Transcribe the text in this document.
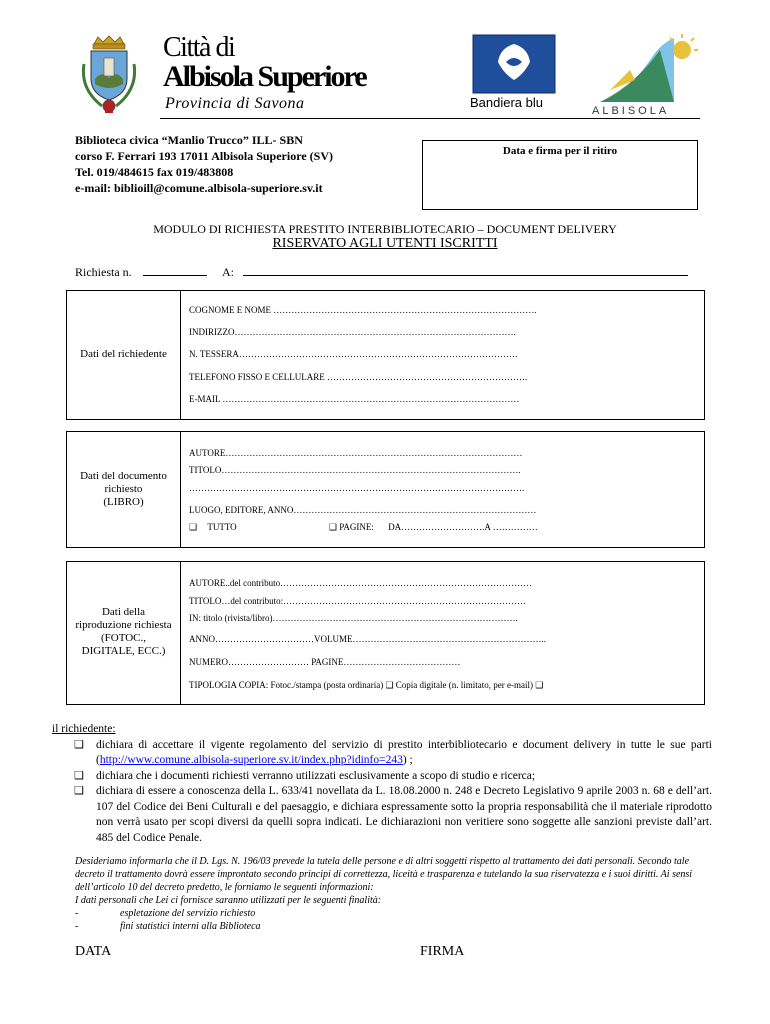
Città di
Albisola Superiore
Provincia di Savona	Bandiera blu
ALBISOLA
Biblioteca civica “Manlio Trucco” ILL- SBN
corso F. Ferrari 193 17011 Albisola Superiore (SV)
Tel. 019/484615 fax 019/483808
e-mail: biblioill@comune.albisola-superiore.sv.it
Data e firma per il ritiro
MODULO DI RICHIESTA PRESTITO INTERBIBLIOTECARIO – DOCUMENT DELIVERY
RISERVATO AGLI UTENTI ISCRITTI
Richiesta n.	A:
Dati del richiedente
COGNOME E NOME …………………………………………………………………………….
INDIRIZZO………………………………………………………………………………….
N. TESSERA…………………………………………………………………………………
TELEFONO FISSO E CELLULARE ………………………………………………………….
E-MAIL ………………………………………………………………………………………
Dati del documento
richiesto
(LIBRO)
AUTORE………………………………………………………………………………………
TITOLO……………………………………………………………………………………….
………………………………………………………………………………………………….
LUOGO, EDITORE, ANNO………………………………………………………………………
❑ TUTTO	❑ PAGINE: DA……………………….A ……………
Dati della
riproduzione richiesta
(FOTOC.,
DIGITALE, ECC.)
AUTORE..del contributo…………………………………………………………………………
TITOLO…del contributo:………………………………………………………………………
IN: titolo (rivista/libro)……………………………………………………………………….
ANNO……………………………VOLUME………………………………………………………..
NUMERO……………………… PAGINE…………………………………
TIPOLOGIA COPIA: Fotoc./stampa (posta ordinaria) ❑ Copia digitale (n. limitato, per e-mail) ❑
il richiedente:
❑ dichiara di accettare il vigente regolamento del servizio di prestito interbibliotecario e document delivery in tutte le sue parti (http://www.comune.albisola-superiore.sv.it/index.php?idinfo=243) ;
❑ dichiara che i documenti richiesti verranno utilizzati esclusivamente a scopo di studio e ricerca;
❑ dichiara di essere a conoscenza della L. 633/41 novellata da L. 18.08.2000 n. 248 e Decreto Legislativo 9 aprile 2003 n. 68 e dell’art. 107 del Codice dei Beni Culturali e del paesaggio, e dichiara espressamente sotto la propria responsabilità che il materiale riprodotto non verrà usato per scopi diversi da quelli sopra indicati. Le dichiarazioni non veritiere sono soggette alle sanzioni previste dall’art. 485 del Codice Penale.
Desideriamo informarla che il D. Lgs. N. 196/03 prevede la tutela delle persone e di altri soggetti rispetto al trattamento dei dati personali. Secondo tale decreto il trattamento dovrà essere improntato secondo principi di correttezza, liceità e trasparenza e tutelando la sua riservatezza e i suoi diritti. Ai sensi dell’articolo 10 del decreto predetto, le forniamo le seguenti informazioni:
I dati personali che Lei ci fornisce saranno utilizzati per le seguenti finalità:
-	espletazione del servizio richiesto
-	fini statistici interni alla Biblioteca
DATA	FIRMA
